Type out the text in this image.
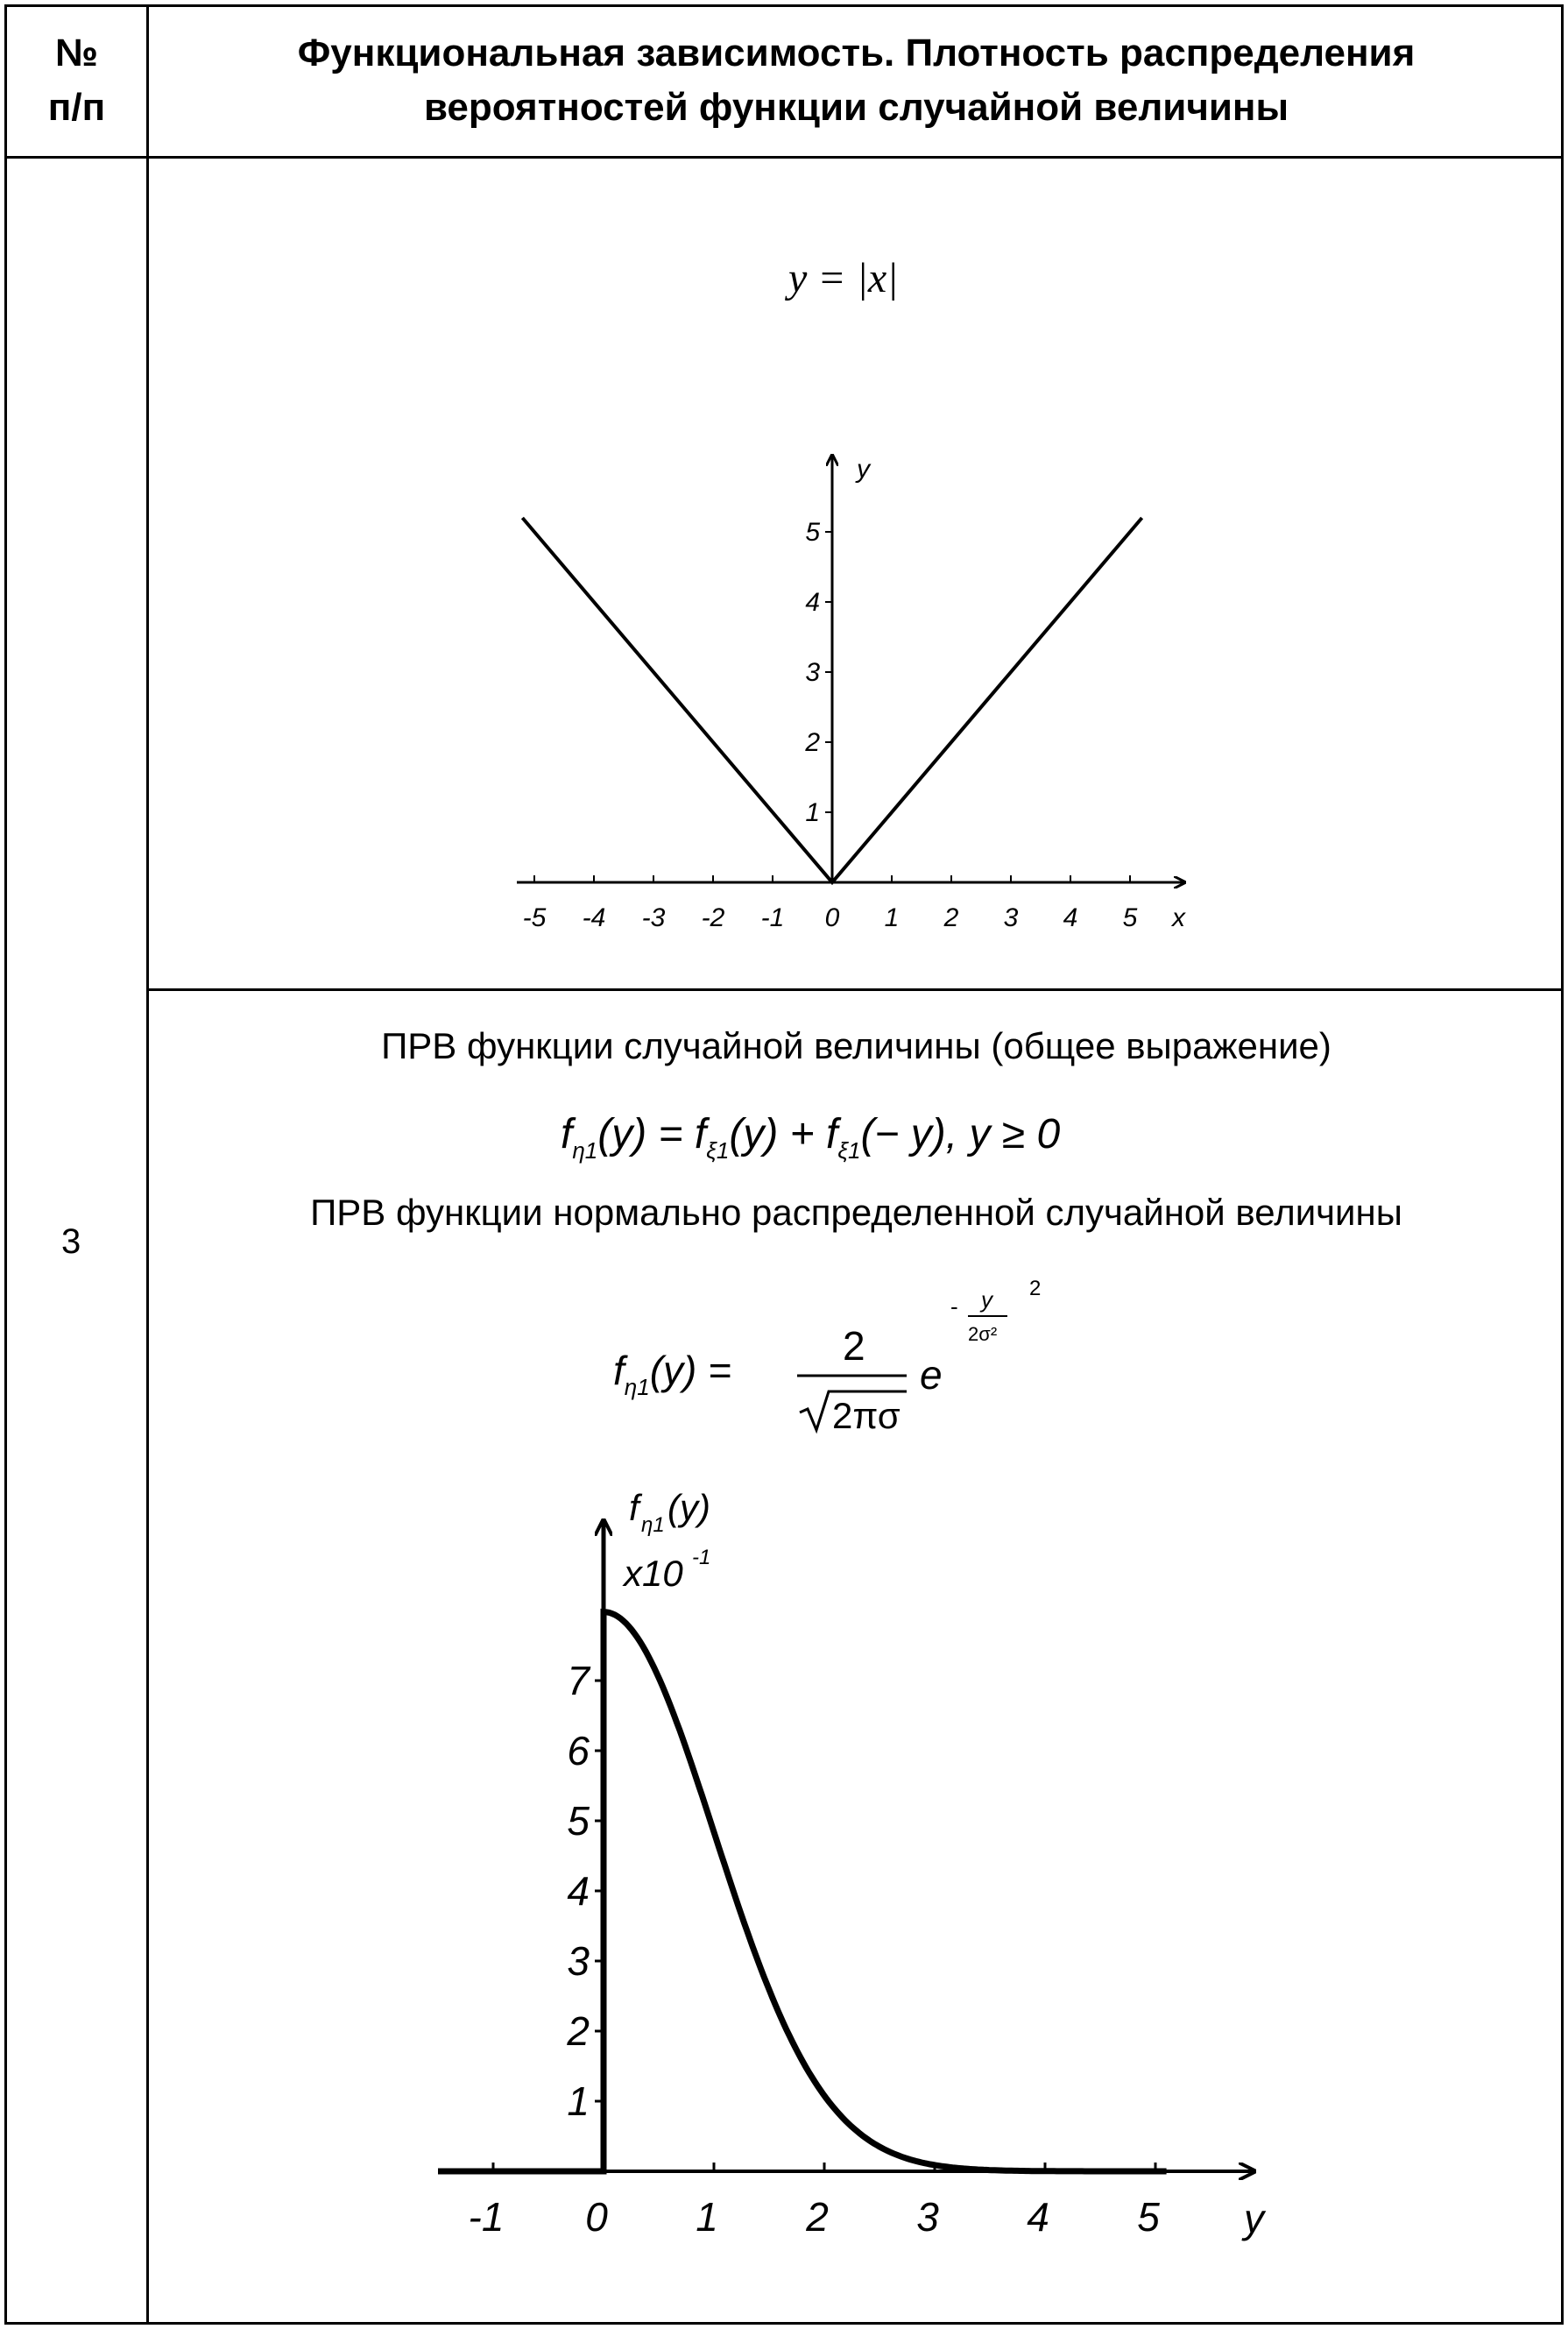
№
п/п
Функциональная зависимость. Плотность распределения
вероятностей функции случайной величины
3
y = |x|
y
x
-5 -4 -3 -2 -1 0 1 2 3 4 5
1
2
3
4
5
ПРВ функции случайной величины (общее выражение)
$f_{\eta 1}(y) = f_{\xi 1}(y) + f_{\xi 1}(- y)$, y ≥ 0
ПРВ функции нормально распределенной случайной величины
$f_{\eta 1}(y)$ =
2
2πσ
e
- y
2σ²
2
f η1 (y)
x10 -1
y
-1 0 1 2 3 4 5
1
2
3
4
5
6
7
